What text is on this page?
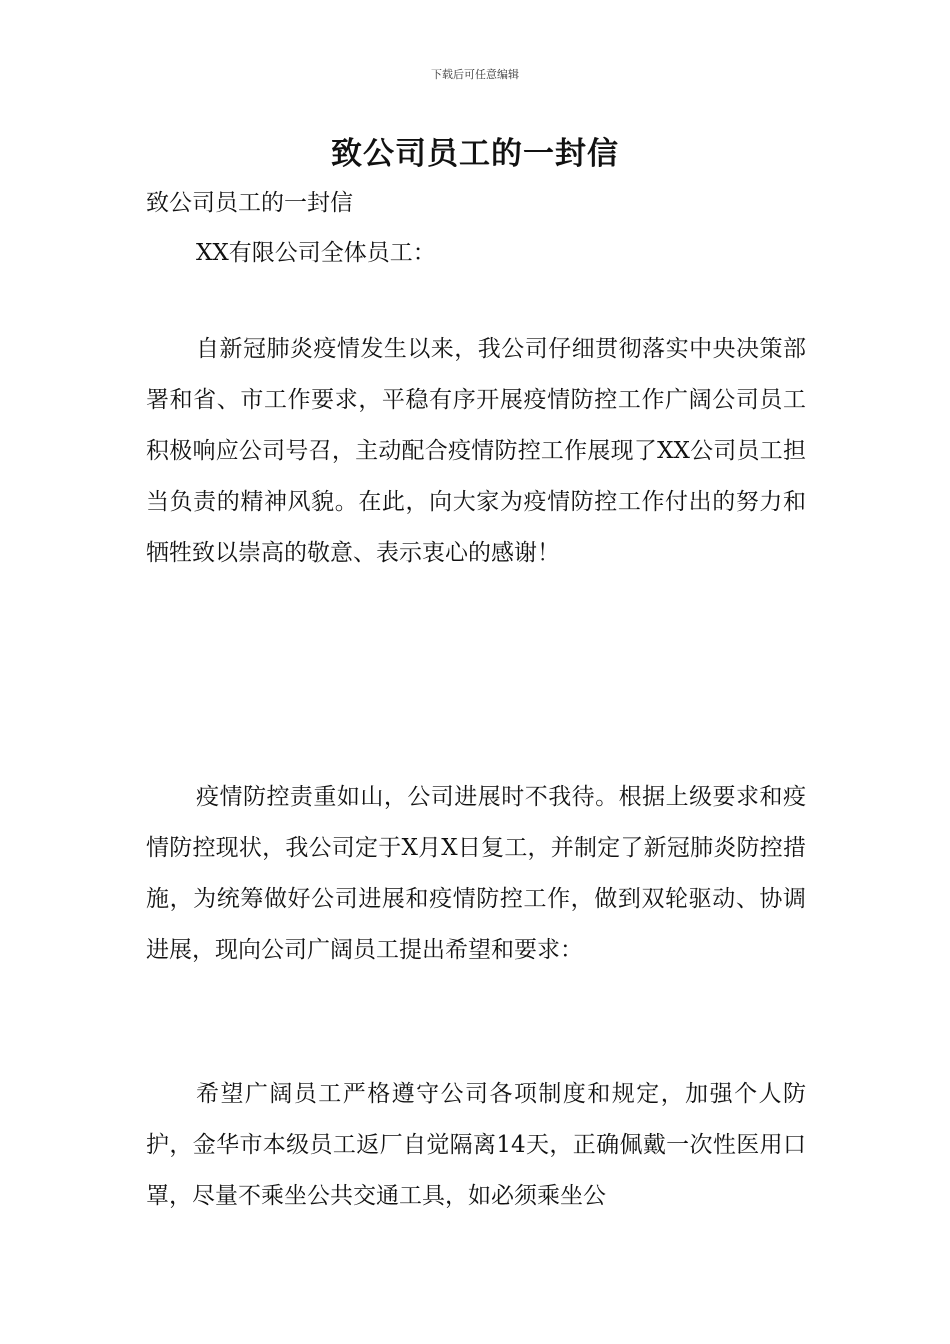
下载后可任意编辑
致公司员工的一封信
致公司员工的一封信
XX有限公司全体员工：
自新冠肺炎疫情发生以来，我公司仔细贯彻落实中央决策部署和省、市工作要求，平稳有序开展疫情防控工作广阔公司员工积极响应公司号召，主动配合疫情防控工作展现了XX公司员工担当负责的精神风貌。在此，向大家为疫情防控工作付出的努力和牺牲致以崇高的敬意、表示衷心的感谢！
疫情防控责重如山，公司进展时不我待。根据上级要求和疫情防控现状，我公司定于X月X日复工，并制定了新冠肺炎防控措施，为统筹做好公司进展和疫情防控工作，做到双轮驱动、协调进展，现向公司广阔员工提出希望和要求：
希望广阔员工严格遵守公司各项制度和规定，加强个人防护，金华市本级员工返厂自觉隔离14天，正确佩戴一次性医用口罩，尽量不乘坐公共交通工具，如必须乘坐公
